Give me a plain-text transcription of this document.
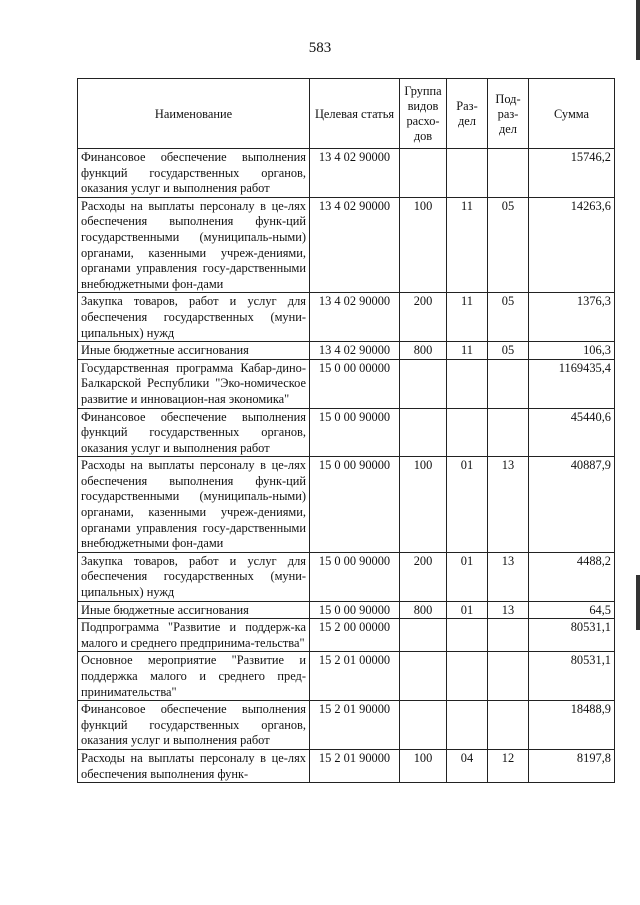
583
Наименование	Целевая статья	Группа видов расхо-дов	Раз-дел	Под-раз-дел	Сумма
Финансовое обеспечение выполнения функций государственных органов, оказания услуг и выполнения работ	13 4 02 90000				15746,2
Расходы на выплаты персоналу в це-лях обеспечения выполнения функ-ций государственными (муниципаль-ными) органами, казенными учреж-дениями, органами управления госу-дарственными внебюджетными фон-дами	13 4 02 90000	100	11	05	14263,6
Закупка товаров, работ и услуг для обеспечения государственных (муни-ципальных) нужд	13 4 02 90000	200	11	05	1376,3
Иные бюджетные ассигнования	13 4 02 90000	800	11	05	106,3
Государственная программа Кабар-дино-Балкарской Республики "Эко-номическое развитие и инновацион-ная экономика"	15 0 00 00000				1169435,4
Финансовое обеспечение выполнения функций государственных органов, оказания услуг и выполнения работ	15 0 00 90000				45440,6
Расходы на выплаты персоналу в це-лях обеспечения выполнения функ-ций государственными (муниципаль-ными) органами, казенными учреж-дениями, органами управления госу-дарственными внебюджетными фон-дами	15 0 00 90000	100	01	13	40887,9
Закупка товаров, работ и услуг для обеспечения государственных (муни-ципальных) нужд	15 0 00 90000	200	01	13	4488,2
Иные бюджетные ассигнования	15 0 00 90000	800	01	13	64,5
Подпрограмма "Развитие и поддерж-ка малого и среднего предпринима-тельства"	15 2 00 00000				80531,1
Основное мероприятие "Развитие и поддержка малого и среднего пред-принимательства"	15 2 01 00000				80531,1
Финансовое обеспечение выполнения функций государственных органов, оказания услуг и выполнения работ	15 2 01 90000				18488,9
Расходы на выплаты персоналу в це-лях обеспечения выполнения функ-	15 2 01 90000	100	04	12	8197,8
